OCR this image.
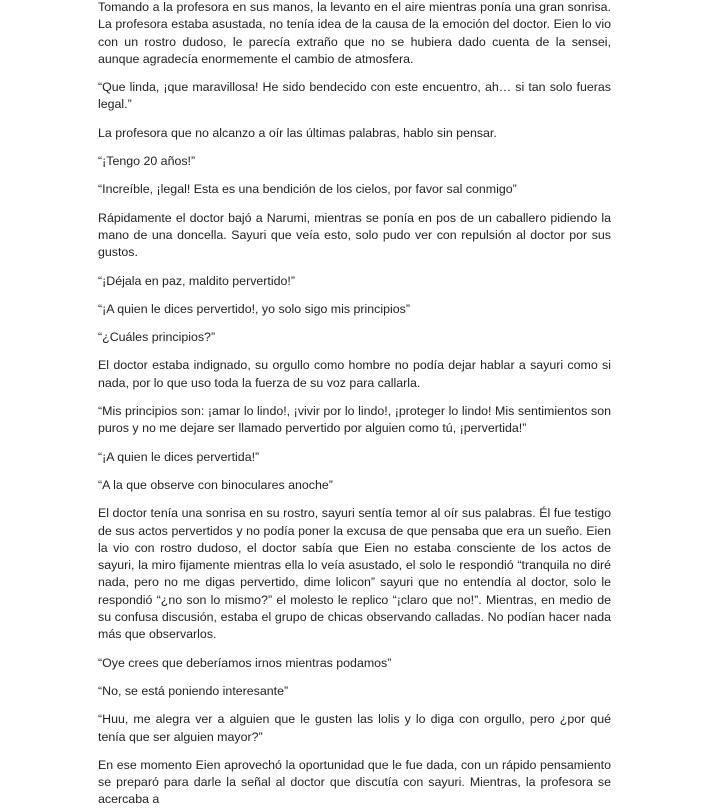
Tomando a la profesora en sus manos, la levanto en el aire mientras ponía una gran sonrisa. La profesora estaba asustada, no tenía idea de la causa de la emoción del doctor. Eien lo vio con un rostro dudoso, le parecía extraño que no se hubiera dado cuenta de la sensei, aunque agradecía enormemente el cambio de atmosfera.

“Que linda, ¡que maravillosa! He sido bendecido con este encuentro, ah… si tan solo fueras legal.”

La profesora que no alcanzo a oír las últimas palabras, hablo sin pensar.

“¡Tengo 20 años!”

“Increíble, ¡legal! Esta es una bendición de los cielos, por favor sal conmigo”

Rápidamente el doctor bajó a Narumi, mientras se ponía en pos de un caballero pidiendo la mano de una doncella. Sayuri que veía esto, solo pudo ver con repulsión al doctor por sus gustos.

“¡Déjala en paz, maldito pervertido!”

“¡A quien le dices pervertido!, yo solo sigo mis principios”

“¿Cuáles principios?”

El doctor estaba indignado, su orgullo como hombre no podía dejar hablar a sayuri como si nada, por lo que uso toda la fuerza de su voz para callarla.

“Mis principios son: ¡amar lo lindo!, ¡vivir por lo lindo!, ¡proteger lo lindo! Mis sentimientos son puros y no me dejare ser llamado pervertido por alguien como tú, ¡pervertida!”

“¡A quien le dices pervertida!”

“A la que observe con binoculares anoche”

El doctor tenía una sonrisa en su rostro, sayuri sentía temor al oír sus palabras. Él fue testigo de sus actos pervertidos y no podía poner la excusa de que pensaba que era un sueño. Eien la vio con rostro dudoso, el doctor sabía que Eien no estaba consciente de los actos de sayuri, la miro fijamente mientras ella lo veía asustado, el solo le respondió “tranquila no diré nada, pero no me digas pervertido, dime lolicon” sayuri que no entendía al doctor, solo le respondió “¿no son lo mismo?” el molesto le replico “¡claro que no!”. Mientras, en medio de su confusa discusión, estaba el grupo de chicas observando calladas. No podían hacer nada más que observarlos.

“Oye crees que deberíamos irnos mientras podamos”

“No, se está poniendo interesante”

“Huu, me alegra ver a alguien que le gusten las lolis y lo diga con orgullo, pero ¿por qué tenía que ser alguien mayor?”

En ese momento Eien aprovechó la oportunidad que le fue dada, con un rápido pensamiento se preparó para darle la señal al doctor que discutía con sayuri. Mientras, la profesora se acercaba a
